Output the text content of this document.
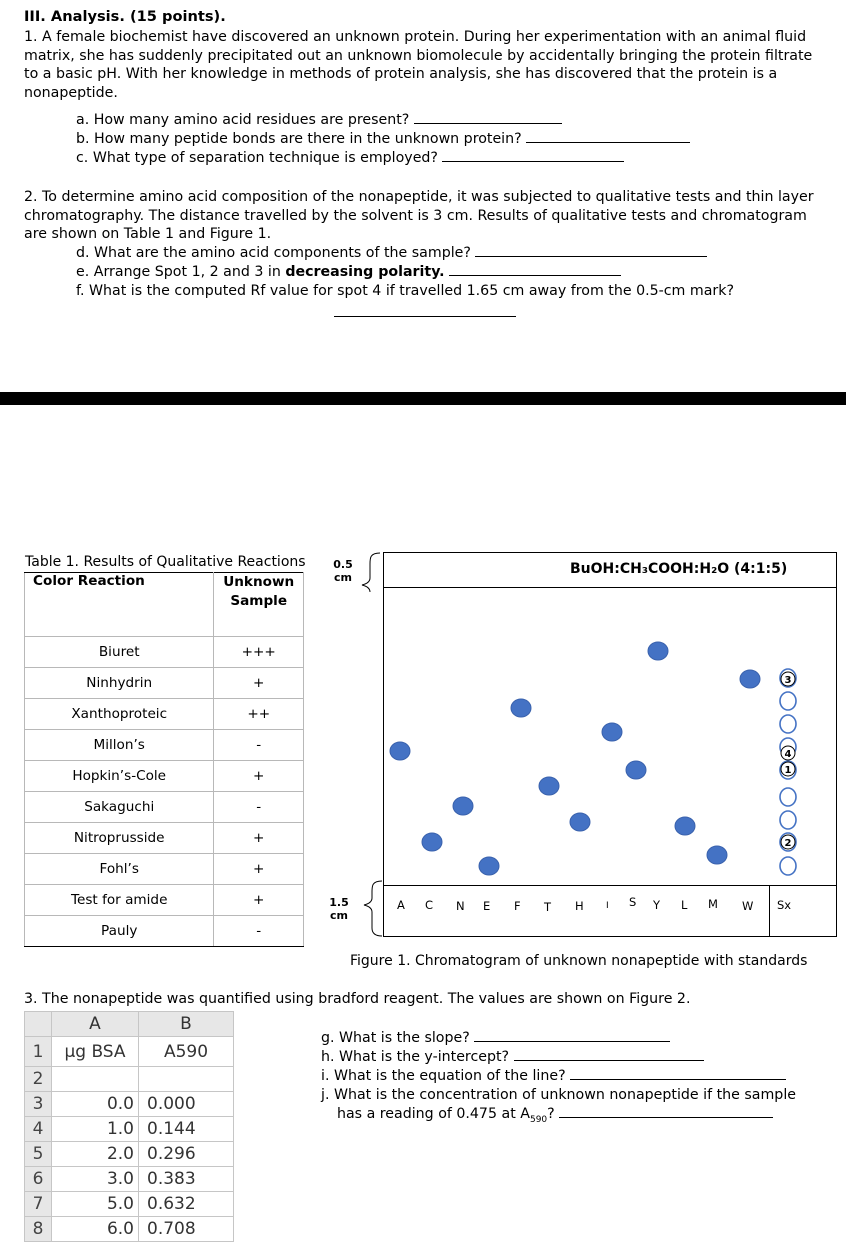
III. Analysis. (15 points).
1. A female biochemist have discovered an unknown protein. During her experimentation with an animal fluid matrix, she has suddenly precipitated out an unknown biomolecule by accidentally bringing the protein filtrate to a basic pH. With her knowledge in methods of protein analysis, she has discovered that the protein is a nonapeptide.
a. How many amino acid residues are present?
b. How many peptide bonds are there in the unknown protein?
c. What type of separation technique is employed?
2. To determine amino acid composition of the nonapeptide, it was subjected to qualitative tests and thin layer chromatography. The distance travelled by the solvent is 3 cm. Results of qualitative tests and chromatogram are shown on Table 1 and Figure 1.
d. What are the amino acid components of the sample?
e. Arrange Spot 1, 2 and 3 in decreasing polarity.
f. What is the computed Rf value for spot 4 if travelled 1.65 cm away from the 0.5-cm mark?
Table 1. Results of Qualitative Reactions
Color Reaction	Unknown Sample
Biuret	+++
Ninhydrin	+
Xanthoproteic	++
Millon’s	-
Hopkin’s-Cole	+
Sakaguchi	-
Nitroprusside	+
Fohl’s	+
Test for amide	+
Pauly	-
0.5
cm
1.5
cm
BuOH:CH₃COOH:H₂O (4:1:5)
A C N E F T H I S Y L M W Sx
3
4
1
2
Figure 1. Chromatogram of unknown nonapeptide with standards
3. The nonapeptide was quantified using bradford reagent. The values are shown on Figure 2.
g. What is the slope?
h. What is the y-intercept?
i. What is the equation of the line?
j. What is the concentration of unknown nonapeptide if the sample
has a reading of 0.475 at $A_{590}$?
	A	B
1	µg BSA	A590
2		
3	0.0	0.000
4	1.0	0.144
5	2.0	0.296
6	3.0	0.383
7	5.0	0.632
8	6.0	0.708
